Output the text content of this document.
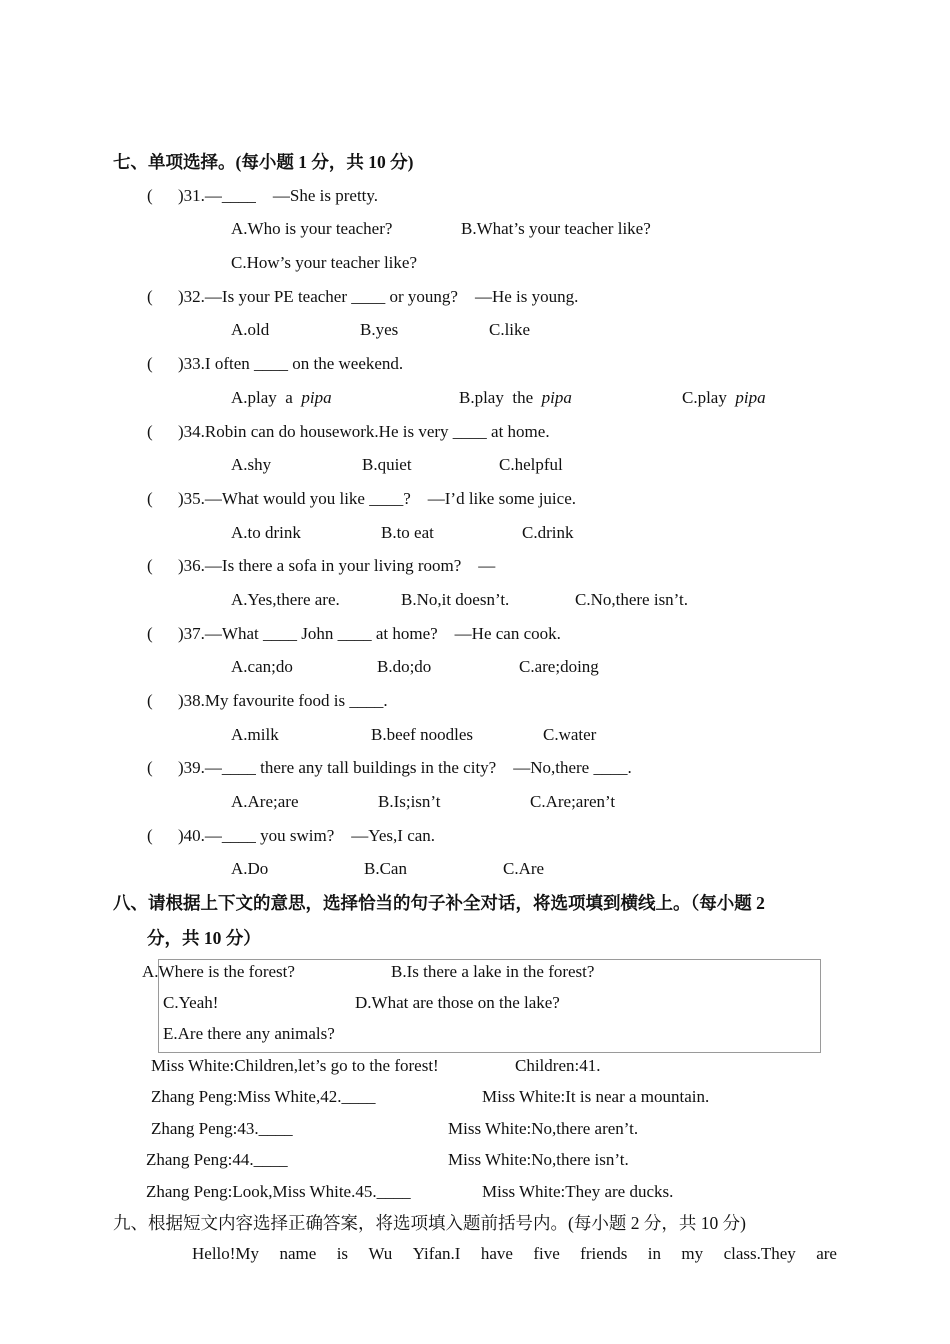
七、单项选择。(每小题 1 分，共 10 分)
( )31.—____    —She is pretty.
A.Who is your teacher?	B.What’s your teacher like?
C.How’s your teacher like?
( )32.—Is your PE teacher ____ or young?    —He is young.
A.old	B.yes	C.like
( )33.I often ____ on the weekend.
A.play  a  pipa	B.play  the  pipa	C.play  pipa
( )34.Robin can do housework.He is very ____ at home.
A.shy	B.quiet	C.helpful
( )35.—What would you like ____?    —I’d like some juice.
A.to drink	B.to eat	C.drink
( )36.—Is there a sofa in your living room?    —
A.Yes,there are.	B.No,it doesn’t.	C.No,there isn’t.
( )37.—What ____ John ____ at home?    —He can cook.
A.can;do	B.do;do	C.are;doing
( )38.My favourite food is ____.
A.milk	B.beef noodles	C.water
( )39.—____ there any tall buildings in the city?    —No,there ____.
A.Are;are	B.Is;isn’t	C.Are;aren’t
( )40.—____ you swim?    —Yes,I can.
A.Do	B.Can	C.Are
八、请根据上下文的意思，选择恰当的句子补全对话，将选项填到横线上。（每小题 2
分，共 10 分）
A.Where is the forest?	B.Is there a lake in the forest?
C.Yeah!	D.What are those on the lake?
E.Are there any animals?
Miss White:Children,let’s go to the forest!	Children:41.
Zhang Peng:Miss White,42.____	Miss White:It is near a mountain.
Zhang Peng:43.____	Miss White:No,there aren’t.
Zhang Peng:44.____	Miss White:No,there isn’t.
Zhang Peng:Look,Miss White.45.____	Miss White:They are ducks.
九、根据短文内容选择正确答案，将选项填入题前括号内。(每小题 2 分，共 10 分)
Hello!My name is Wu Yifan.I have five friends in my class.They are
